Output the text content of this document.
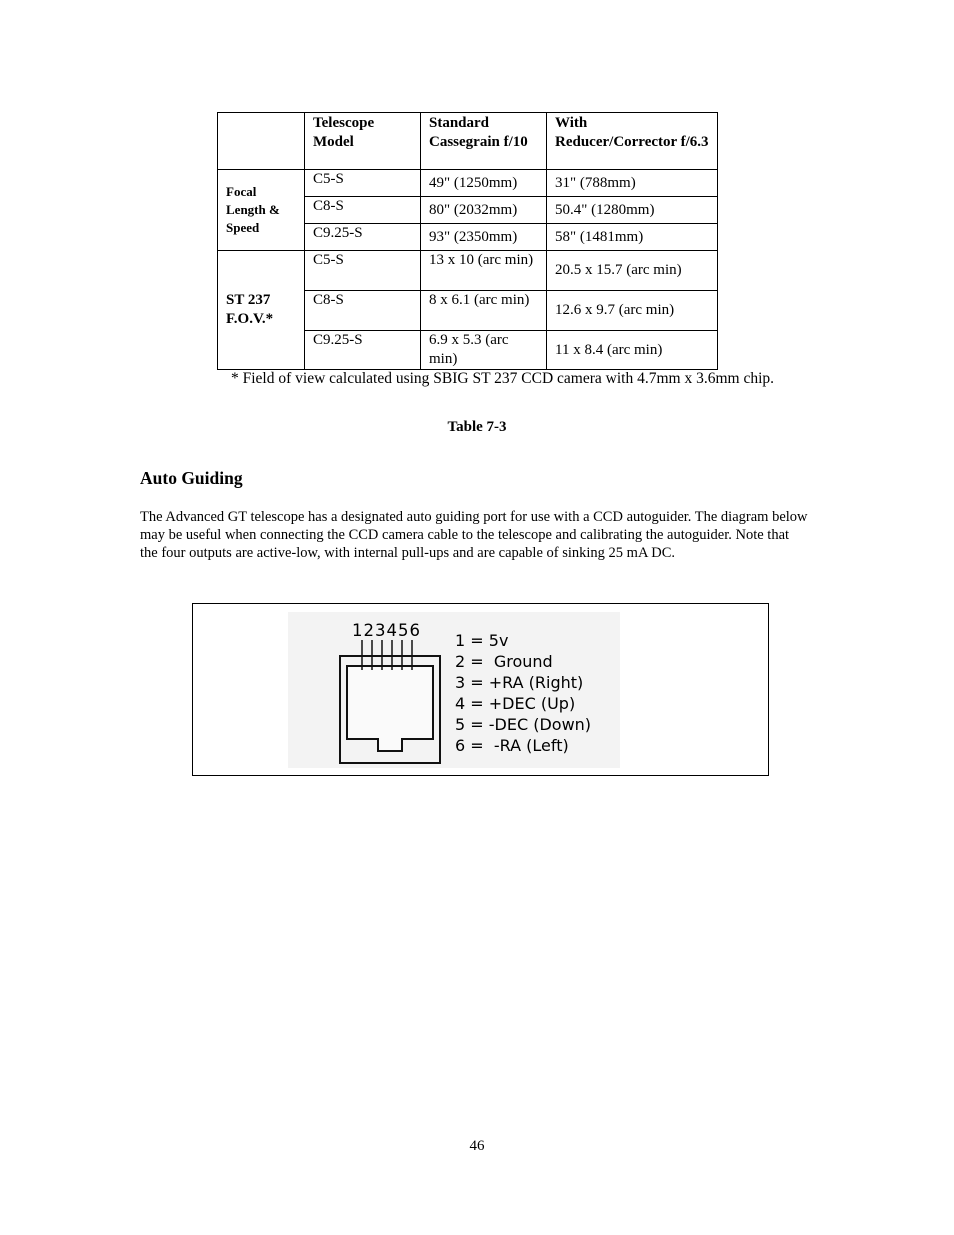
	Telescope Model	Standard Cassegrain f/10	With Reducer/Corrector f/6.3
Focal Length & Speed	C5-S	49" (1250mm)	31" (788mm)
	C8-S	80" (2032mm)	50.4" (1280mm)
	C9.25-S	93" (2350mm)	58" (1481mm)
ST 237 F.O.V.*	C5-S	13 x 10 (arc min)	20.5 x 15.7 (arc min)
	C8-S	8 x 6.1 (arc min)	12.6 x 9.7 (arc min)
	C9.25-S	6.9 x 5.3 (arc min)	11 x 8.4 (arc min)
* Field of view calculated using SBIG ST 237 CCD camera with 4.7mm x 3.6mm chip.
Table 7-3
Auto Guiding
The Advanced GT telescope has a designated auto guiding port for use with a CCD autoguider. The diagram below may be useful when connecting the CCD camera cable to the telescope and calibrating the autoguider. Note that the four outputs are active-low, with internal pull-ups and are capable of sinking 25 mA DC.
123456
1 = 5v
2 =  Ground
3 = +RA (Right)
4 = +DEC (Up)
5 = -DEC (Down)
6 =  -RA (Left)
46
